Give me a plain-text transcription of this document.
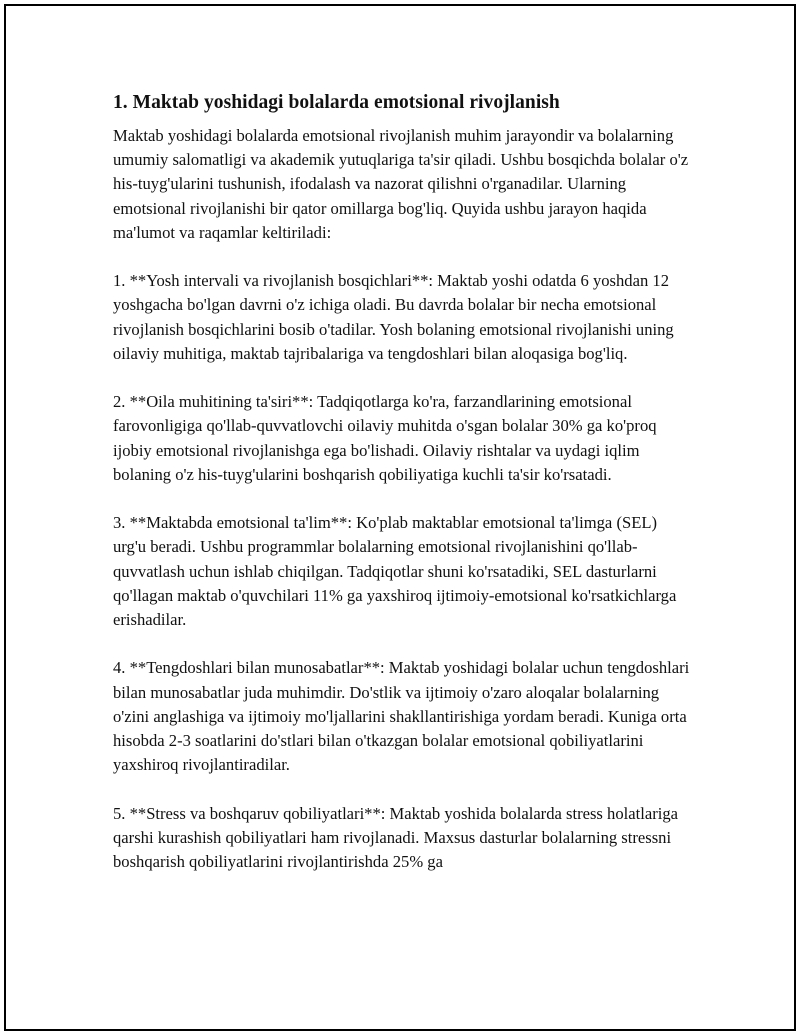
1. Maktab yoshidagi bolalarda emotsional rivojlanish

Maktab yoshidagi bolalarda emotsional rivojlanish muhim jarayondir va bolalarning umumiy salomatligi va akademik yutuqlariga ta'sir qiladi. Ushbu bosqichda bolalar o'z his-tuyg'ularini tushunish, ifodalash va nazorat qilishni o'rganadilar. Ularning emotsional rivojlanishi bir qator omillarga bog'liq. Quyida ushbu jarayon haqida ma'lumot va raqamlar keltiriladi:

1. **Yosh intervali va rivojlanish bosqichlari**: Maktab yoshi odatda 6 yoshdan 12 yoshgacha bo'lgan davrni o'z ichiga oladi. Bu davrda bolalar bir necha emotsional rivojlanish bosqichlarini bosib o'tadilar. Yosh bolaning emotsional rivojlanishi uning oilaviy muhitiga, maktab tajribalariga va tengdoshlari bilan aloqasiga bog'liq.

2. **Oila muhitining ta'siri**: Tadqiqotlarga ko'ra, farzandlarining emotsional farovonligiga qo'llab-quvvatlovchi oilaviy muhitda o'sgan bolalar 30% ga ko'proq ijobiy emotsional rivojlanishga ega bo'lishadi. Oilaviy rishtalar va uydagi iqlim bolaning o'z his-tuyg'ularini boshqarish qobiliyatiga kuchli ta'sir ko'rsatadi.

3. **Maktabda emotsional ta'lim**: Ko'plab maktablar emotsional ta'limga (SEL) urg'u beradi. Ushbu programmlar bolalarning emotsional rivojlanishini qo'llab-quvvatlash uchun ishlab chiqilgan. Tadqiqotlar shuni ko'rsatadiki, SEL dasturlarni qo'llagan maktab o'quvchilari 11% ga yaxshiroq ijtimoiy-emotsional ko'rsatkichlarga erishadilar.

4. **Tengdoshlari bilan munosabatlar**: Maktab yoshidagi bolalar uchun tengdoshlari bilan munosabatlar juda muhimdir. Do'stlik va ijtimoiy o'zaro aloqalar bolalarning o'zini anglashiga va ijtimoiy mo'ljallarini shakllantirishiga yordam beradi. Kuniga orta hisobda 2-3 soatlarini do'stlari bilan o'tkazgan bolalar emotsional qobiliyatlarini yaxshiroq rivojlantiradilar.

5. **Stress va boshqaruv qobiliyatlari**: Maktab yoshida bolalarda stress holatlariga qarshi kurashish qobiliyatlari ham rivojlanadi. Maxsus dasturlar bolalarning stressni boshqarish qobiliyatlarini rivojlantirishda 25% ga
